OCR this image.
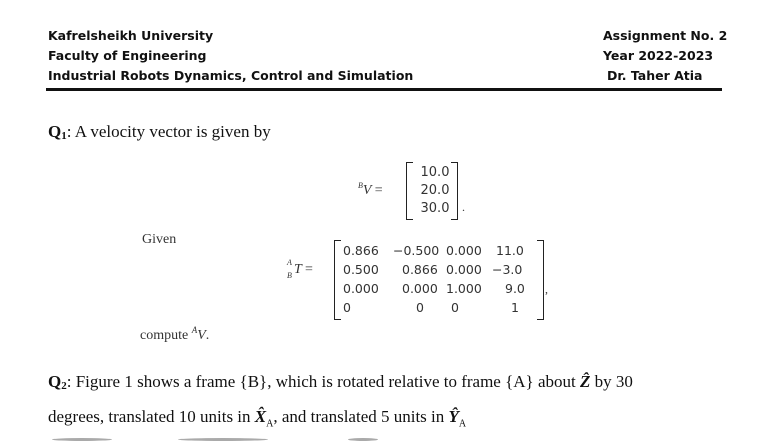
Kafrelsheikh University
Faculty of Engineering
Industrial Robots Dynamics, Control and Simulation
Assignment No. 2
Year 2022-2023
Dr. Taher Atia
$Q_1$: A velocity vector is given by
$^B$V =
10.0
20.0
30.0 .
Given
A
B T =
0.866 −0.500 0.000 11.0
0.500 0.866 0.000 −3.0
0.000 0.000 1.000 9.0
0	0 0	1
,
compute $^A$V.
$Q_2$: Figure 1 shows a frame {B}, which is rotated relative to frame {A} about Ẑ by 30
degrees, translated 10 units in $X̂_A$, and translated 5 units in $Ŷ_A$
